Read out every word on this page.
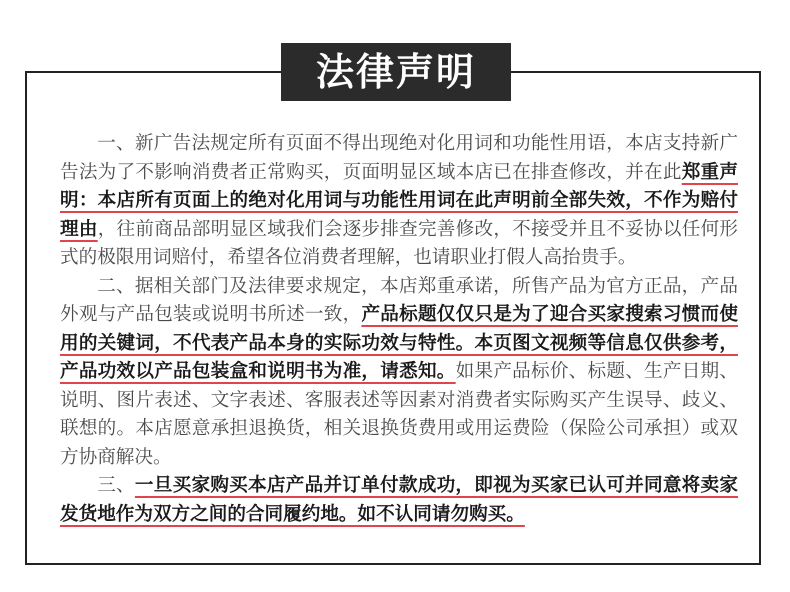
法律声明

一、新广告法规定所有页面不得出现绝对化用词和功能性用语，本店支持新广告法为了不影响消费者正常购买，页面明显区域本店已在排查修改，并在此郑重声明：本店所有页面上的绝对化用词与功能性用词在此声明前全部失效，不作为赔付理由，往前商品部明显区域我们会逐步排查完善修改，不接受并且不妥协以任何形式的极限用词赔付，希望各位消费者理解，也请职业打假人高抬贵手。

二、据相关部门及法律要求规定，本店郑重承诺，所售产品为官方正品，产品外观与产品包装或说明书所述一致，产品标题仅仅只是为了迎合买家搜索习惯而使用的关键词，不代表产品本身的实际功效与特性。本页图文视频等信息仅供参考，产品功效以产品包装盒和说明书为准，请悉知。如果产品标价、标题、生产日期、说明、图片表述、文字表述、客服表述等因素对消费者实际购买产生误导、歧义、联想的。本店愿意承担退换货，相关退换货费用或用运费险（保险公司承担）或双方协商解决。

三、一旦买家购买本店产品并订单付款成功，即视为买家已认可并同意将卖家发货地作为双方之间的合同履约地。如不认同请勿购买。
